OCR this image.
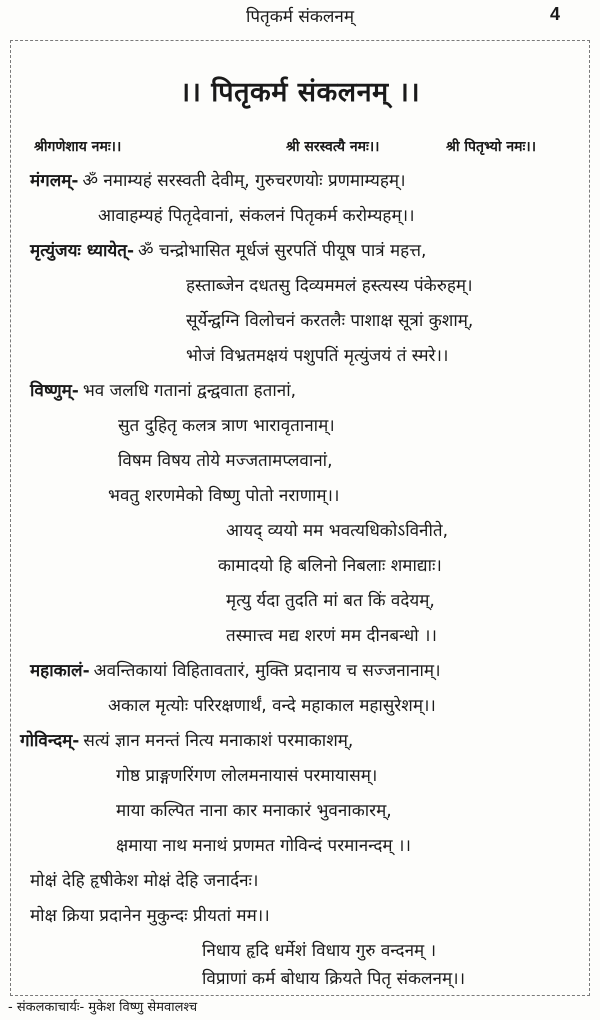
पितृकर्म संकलनम्	4
।। पितृकर्म संकलनम् ।।
श्रीगणेशाय नमः।।	श्री सरस्वत्यै नमः।।	श्री पितृभ्यो नमः।।
मंगलम्- ॐ नमाम्यहं सरस्वती देवीम्, गुरुचरणयोः प्रणमाम्यहम्।
आवाहम्यहं पितृदेवानां, संकलनं पितृकर्म करोम्यहम्।।
मृत्युंजयः ध्यायेत्- ॐ चन्द्रोभासित मूर्धजं सुरपतिं पीयूष पात्रं महत्त,
हस्ताब्जेन दधतसु दिव्यममलं हस्त्यस्य पंकेरुहम्।
सूर्येन्द्वग्नि विलोचनं करतलैः पाशाक्ष सूत्रां कुशाम्,
भोजं विभ्रतमक्षयं पशुपतिं मृत्युंजयं तं स्मरे।।
विष्णुम्- भव जलधि गतानां द्वन्द्ववाता हतानां,
सुत दुहितृ कलत्र त्राण भारावृतानाम्।
विषम विषय तोये मज्जतामप्लवानां,
भवतु शरणमेको विष्णु पोतो नराणाम्।।
आयद् व्ययो मम भवत्यधिकोऽविनीते,
कामादयो हि बलिनो निबलाः शमाद्याः।
मृत्यु र्यदा तुदति मां बत किं वदेयम्,
तस्मात्त्व मद्य शरणं मम दीनबन्धो ।।
महाकालं- अवन्तिकायां विहितावतारं, मुक्ति प्रदानाय च सज्जनानाम्।
अकाल मृत्योः परिरक्षणार्थं, वन्दे महाकाल महासुरेशम्।।
गोविन्दम्- सत्यं ज्ञान मनन्तं नित्य मनाकाशं परमाकाशम्,
गोष्ठ प्राङ्गणरिंगण लोलमनायासं परमायासम्।
माया कल्पित नाना कार मनाकारं भुवनाकारम्,
क्षमाया नाथ मनाथं प्रणमत गोविन्दं परमानन्दम् ।।
मोक्षं देहि हृषीकेश मोक्षं देहि जनार्दनः।
मोक्ष क्रिया प्रदानेन मुकुन्दः प्रीयतां मम।।
निधाय हृदि धर्मेशं विधाय गुरु वन्दनम् ।
विप्राणां कर्म बोधाय क्रियते पितृ संकलनम्।।
- संकलकाचार्यः- मुकेश विष्णु सेमवालश्च
